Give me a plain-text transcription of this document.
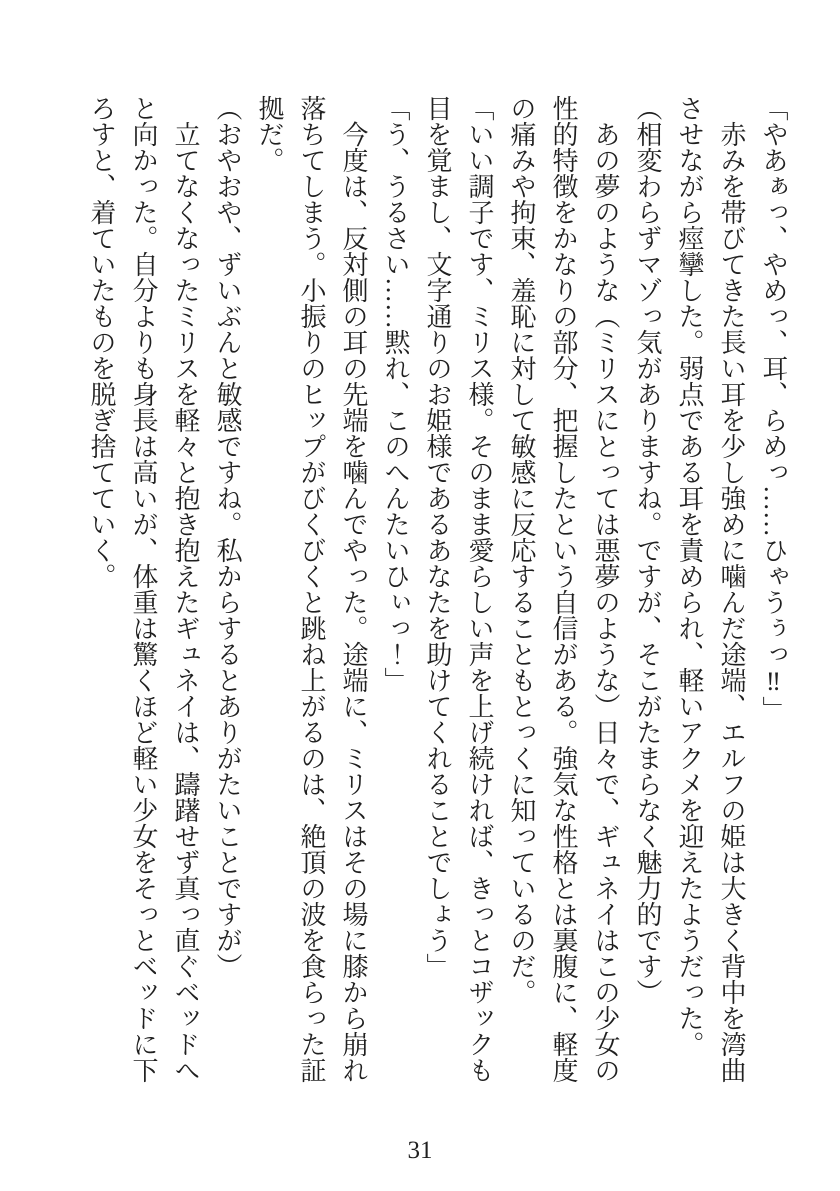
「やあぁっ、やめっ、耳、らめっ……ひゃうぅっ‼」

赤みを帯びてきた長い耳を少し強めに噛んだ途端、エルフの姫は大きく背中を湾曲させながら痙攣した。弱点である耳を責められ、軽いアクメを迎えたようだった。

（相変わらずマゾっ気がありますね。ですが、そこがたまらなく魅力的です）

あの夢のような（ミリスにとっては悪夢のような）日々で、ギュネイはこの少女の性的特徴をかなりの部分、把握したという自信がある。強気な性格とは裏腹に、軽度の痛みや拘束、羞恥に対して敏感に反応することもとっくに知っているのだ。

「いい調子です、ミリス様。そのまま愛らしい声を上げ続ければ、きっとコザックも目を覚まし、文字通りのお姫様であるあなたを助けてくれることでしょう」

「う、うるさい……黙れ、このへんたいひぃっ！」

今度は、反対側の耳の先端を噛んでやった。途端に、ミリスはその場に膝から崩れ落ちてしまう。小振りのヒップがびくびくと跳ね上がるのは、絶頂の波を食らった証拠だ。

（おやおや、ずいぶんと敏感ですね。私からするとありがたいことですが）

立てなくなったミリスを軽々と抱き抱えたギュネイは、躊躇せず真っ直ぐベッドへと向かった。自分よりも身長は高いが、体重は驚くほど軽い少女をそっとベッドに下ろすと、着ていたものを脱ぎ捨てていく。

31
